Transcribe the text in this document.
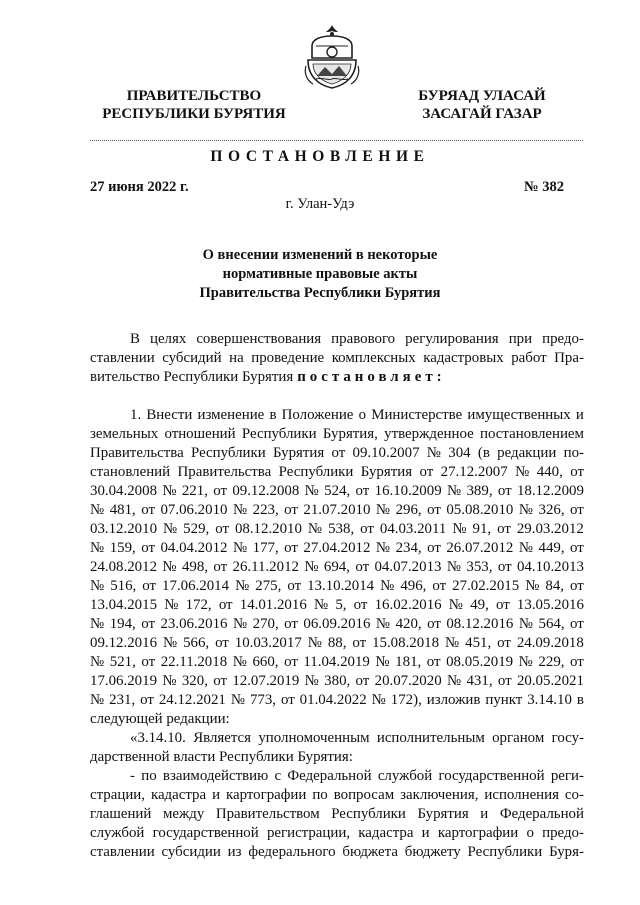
ПРАВИТЕЛЬСТВО
РЕСПУБЛИКИ БУРЯТИЯ
БУРЯАД УЛАСАЙ
ЗАСАГАЙ ГАЗАР
ПОСТАНОВЛЕНИЕ
27 июня 2022 г.	№ 382
г. Улан-Удэ
О внесении изменений в некоторые
нормативные правовые акты
Правительства Республики Бурятия
В целях совершенствования правового регулирования при предо-
ставлении субсидий на проведение комплексных кадастровых работ Пра-
вительство Республики Бурятия постановляет:
1. Внести изменение в Положение о Министерстве имущественных и
земельных отношений Республики Бурятия, утвержденное постановлением
Правительства Республики Бурятия от 09.10.2007 № 304 (в редакции по-
становлений Правительства Республики Бурятия от 27.12.2007 № 440, от
30.04.2008 № 221, от 09.12.2008 № 524, от 16.10.2009 № 389, от 18.12.2009
№ 481, от 07.06.2010 № 223, от 21.07.2010 № 296, от 05.08.2010 № 326, от
03.12.2010 № 529, от 08.12.2010 № 538, от 04.03.2011 № 91, от 29.03.2012
№ 159, от 04.04.2012 № 177, от 27.04.2012 № 234, от 26.07.2012 № 449, от
24.08.2012 № 498, от 26.11.2012 № 694, от 04.07.2013 № 353, от 04.10.2013
№ 516, от 17.06.2014 № 275, от 13.10.2014 № 496, от 27.02.2015 № 84, от
13.04.2015 № 172, от 14.01.2016 № 5, от 16.02.2016 № 49, от 13.05.2016
№ 194, от 23.06.2016 № 270, от 06.09.2016 № 420, от 08.12.2016 № 564, от
09.12.2016 № 566, от 10.03.2017 № 88, от 15.08.2018 № 451, от 24.09.2018
№ 521, от 22.11.2018 № 660, от 11.04.2019 № 181, от 08.05.2019 № 229, от
17.06.2019 № 320, от 12.07.2019 № 380, от 20.07.2020 № 431, от 20.05.2021
№ 231, от 24.12.2021 № 773, от 01.04.2022 № 172), изложив пункт 3.14.10 в
следующей редакции:
«3.14.10. Является уполномоченным исполнительным органом госу-
дарственной власти Республики Бурятия:
- по взаимодействию с Федеральной службой государственной реги-
страции, кадастра и картографии по вопросам заключения, исполнения со-
глашений между Правительством Республики Бурятия и Федеральной
службой государственной регистрации, кадастра и картографии о предо-
ставлении субсидии из федерального бюджета бюджету Республики Буря-
